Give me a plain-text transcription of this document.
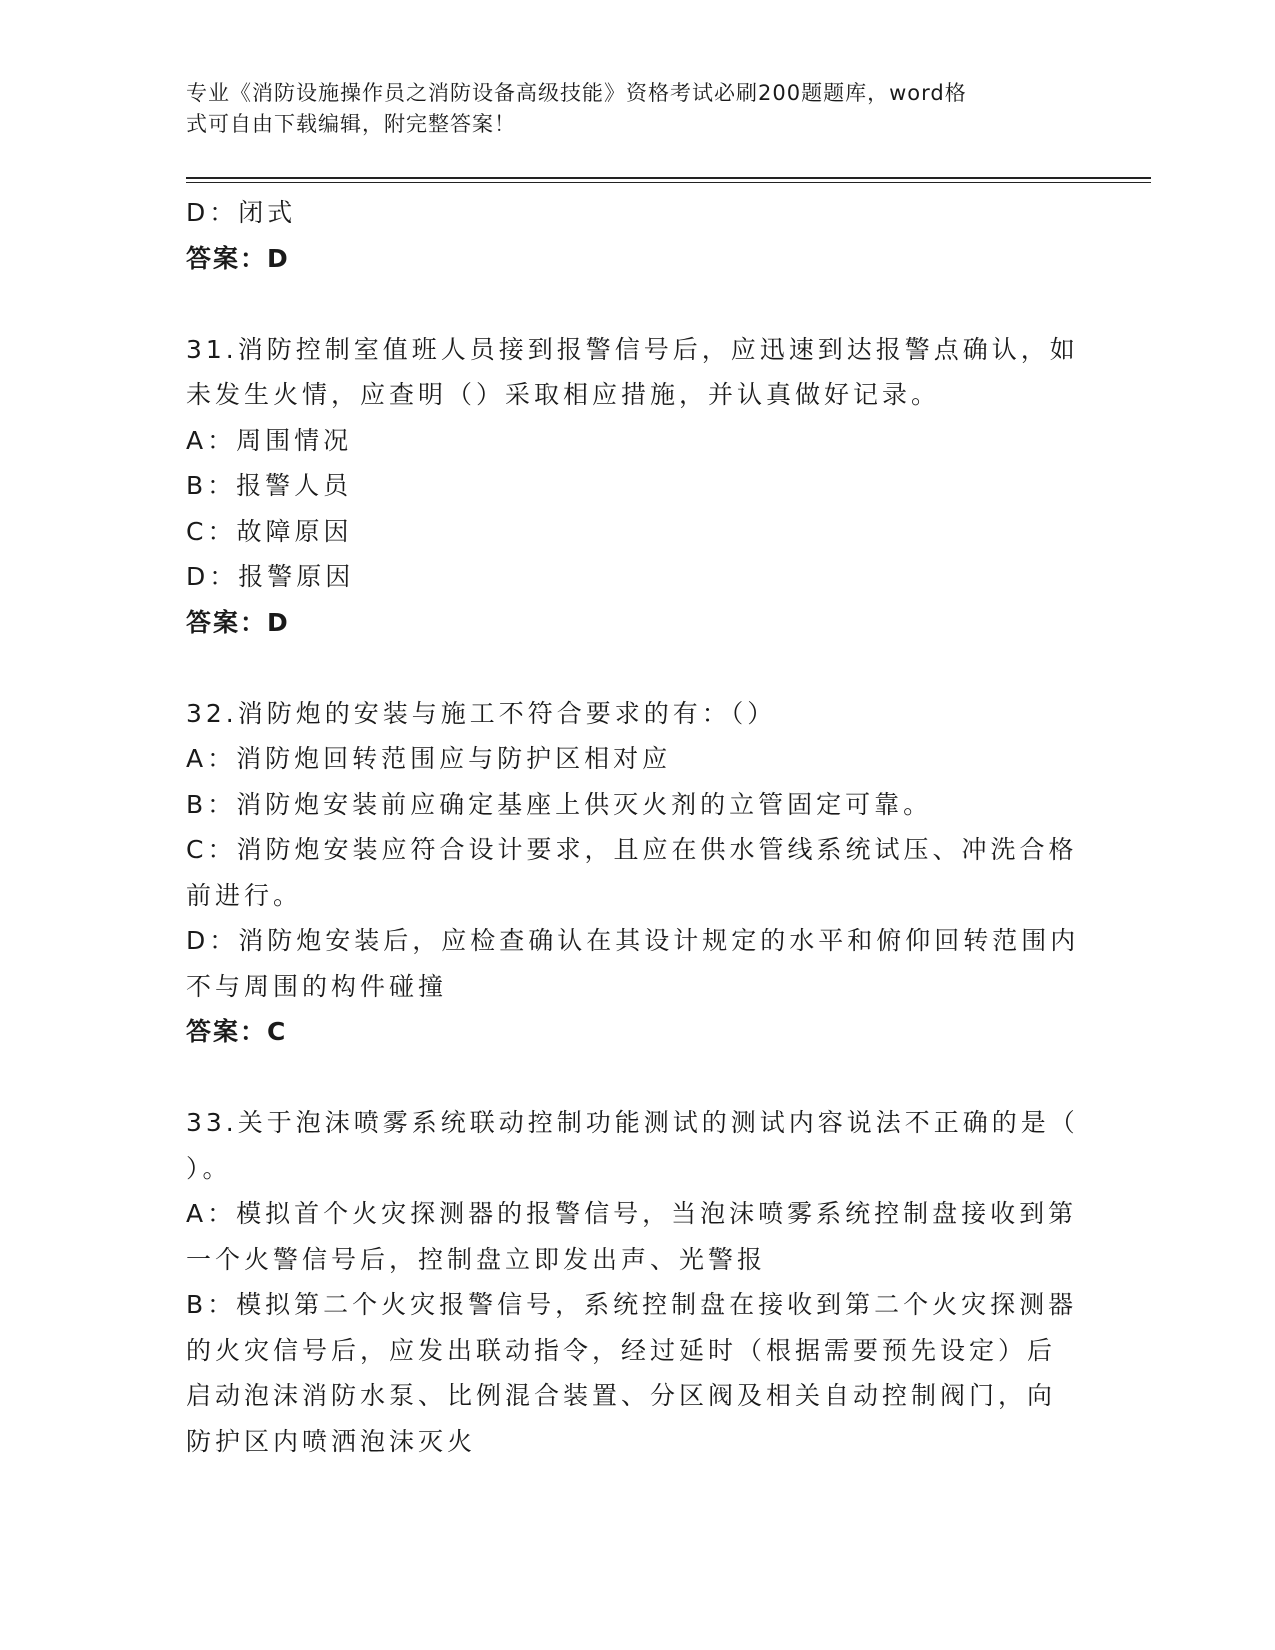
专业《消防设施操作员之消防设备高级技能》资格考试必刷200题题库，word格
式可自由下载编辑，附完整答案！
D：闭式
答案：D
31.消防控制室值班人员接到报警信号后，应迅速到达报警点确认，如
未发生火情，应查明（）采取相应措施，并认真做好记录。
A：周围情况
B：报警人员
C：故障原因
D：报警原因
答案：D
32.消防炮的安装与施工不符合要求的有：（）
A：消防炮回转范围应与防护区相对应
B：消防炮安装前应确定基座上供灭火剂的立管固定可靠。
C：消防炮安装应符合设计要求，且应在供水管线系统试压、冲洗合格
前进行。
D：消防炮安装后，应检查确认在其设计规定的水平和俯仰回转范围内
不与周围的构件碰撞
答案：C
33.关于泡沫喷雾系统联动控制功能测试的测试内容说法不正确的是（
）。
A：模拟首个火灾探测器的报警信号，当泡沫喷雾系统控制盘接收到第
一个火警信号后，控制盘立即发出声、光警报
B：模拟第二个火灾报警信号，系统控制盘在接收到第二个火灾探测器
的火灾信号后，应发出联动指令，经过延时（根据需要预先设定）后
启动泡沫消防水泵、比例混合装置、分区阀及相关自动控制阀门，向
防护区内喷洒泡沫灭火
